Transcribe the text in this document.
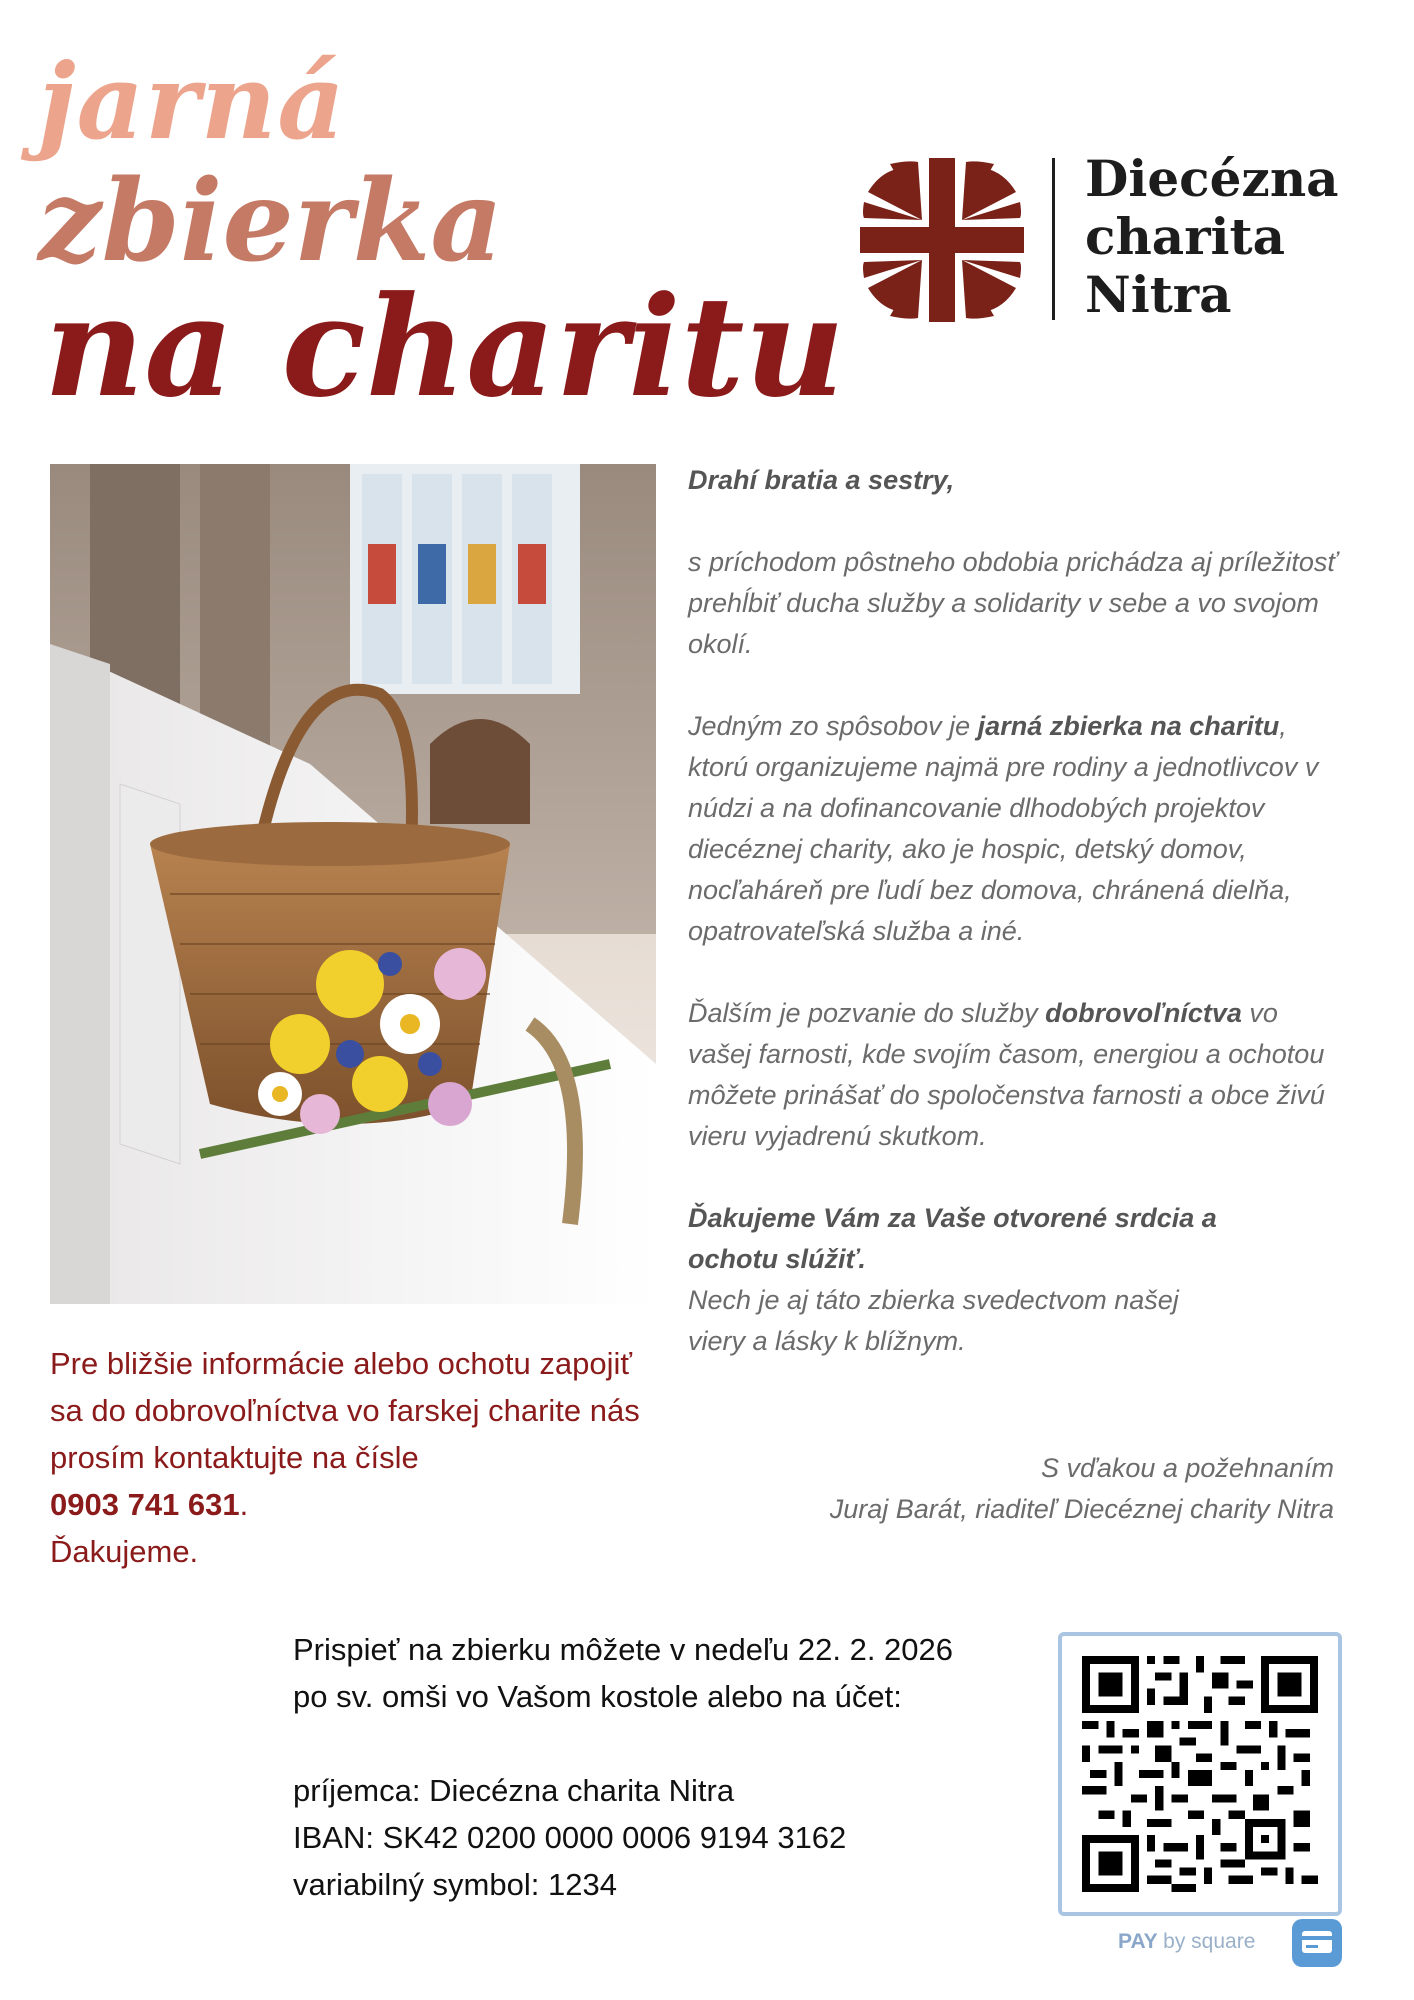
jarná
zbierka
na charitu
Diecézna
charita
Nitra

Drahí bratia a sestry,

s príchodom pôstneho obdobia prichádza aj príležitosť prehĺbiť ducha služby a solidarity v sebe a vo svojom okolí.

Jedným zo spôsobov je jarná zbierka na charitu, ktorú organizujeme najmä pre rodiny a jednotlivcov v núdzi a na dofinancovanie dlhodobých projektov diecéznej charity, ako je hospic, detský domov, nocľaháreň pre ľudí bez domova, chránená dielňa, opatrovateľská služba a iné.

Ďalším je pozvanie do služby dobrovoľníctva vo vašej farnosti, kde svojím časom, energiou a ochotou môžete prinášať do spoločenstva farnosti a obce živú vieru vyjadrenú skutkom.

Ďakujeme Vám za Vaše otvorené srdcia a ochotu slúžiť.
Nech je aj táto zbierka svedectvom našej viery a lásky k blížnym.

S vďakou a požehnaním
Juraj Barát, riaditeľ Diecéznej charity Nitra
Pre bližšie informácie alebo ochotu zapojiť sa do dobrovoľníctva vo farskej charite nás prosím kontaktujte na čísle
0903 741 631.
Ďakujeme.
Prispieť na zbierku môžete v nedeľu 22. 2. 2026
po sv. omši vo Vašom kostole alebo na účet:
príjemca: Diecézna charita Nitra
IBAN: SK42 0200 0000 0006 9194 3162
variabilný symbol: 1234
PAY by square
